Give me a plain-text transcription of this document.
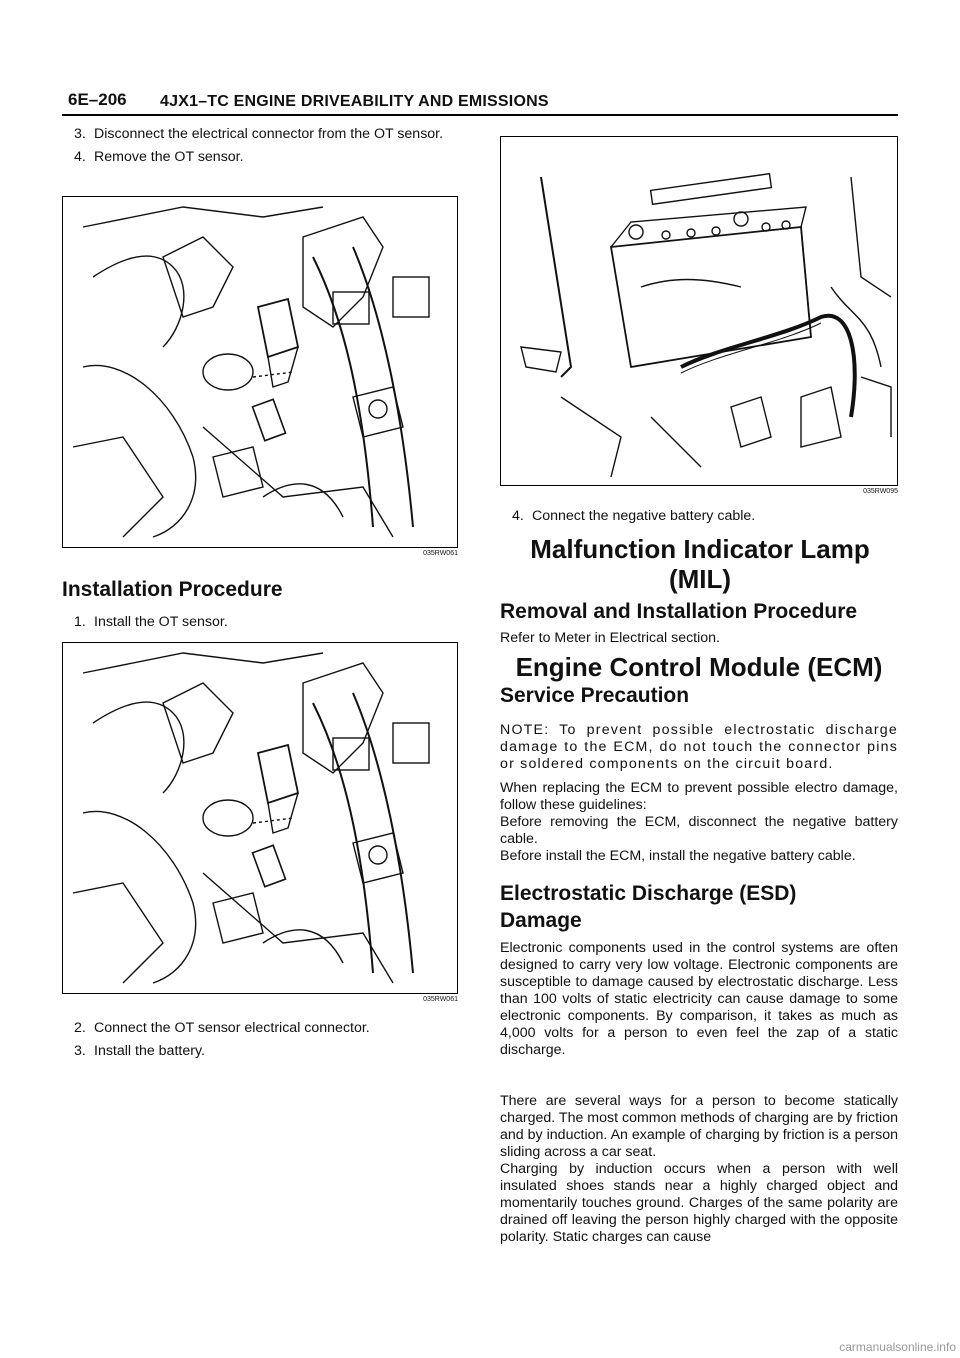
6E–206 4JX1–TC ENGINE DRIVEABILITY AND EMISSIONS
3. Disconnect the electrical connector from the OT sensor.
4. Remove the OT sensor.
035RW061
Installation Procedure
1. Install the OT sensor.
035RW061
2. Connect the OT sensor electrical connector.
3. Install the battery.
035RW095
4. Connect the negative battery cable.
Malfunction Indicator Lamp (MIL)
Removal and Installation Procedure

Refer to Meter in Electrical section.

Engine Control Module (ECM)
Service Precaution

NOTE: To prevent possible electrostatic discharge damage to the ECM, do not touch the connector pins or soldered components on the circuit board.

When replacing the ECM to prevent possible electro damage, follow these guidelines:

Before removing the ECM, disconnect the negative battery cable.

Before install the ECM, install the negative battery cable.

Electrostatic Discharge (ESD) Damage

Electronic components used in the control systems are often designed to carry very low voltage. Electronic components are susceptible to damage caused by electrostatic discharge. Less than 100 volts of static electricity can cause damage to some electronic components. By comparison, it takes as much as 4,000 volts for a person to even feel the zap of a static discharge.

There are several ways for a person to become statically charged. The most common methods of charging are by friction and by induction. An example of charging by friction is a person sliding across a car seat.

Charging by induction occurs when a person with well insulated shoes stands near a highly charged object and momentarily touches ground. Charges of the same polarity are drained off leaving the person highly charged with the opposite polarity. Static charges can cause

carmanualsonline.info
